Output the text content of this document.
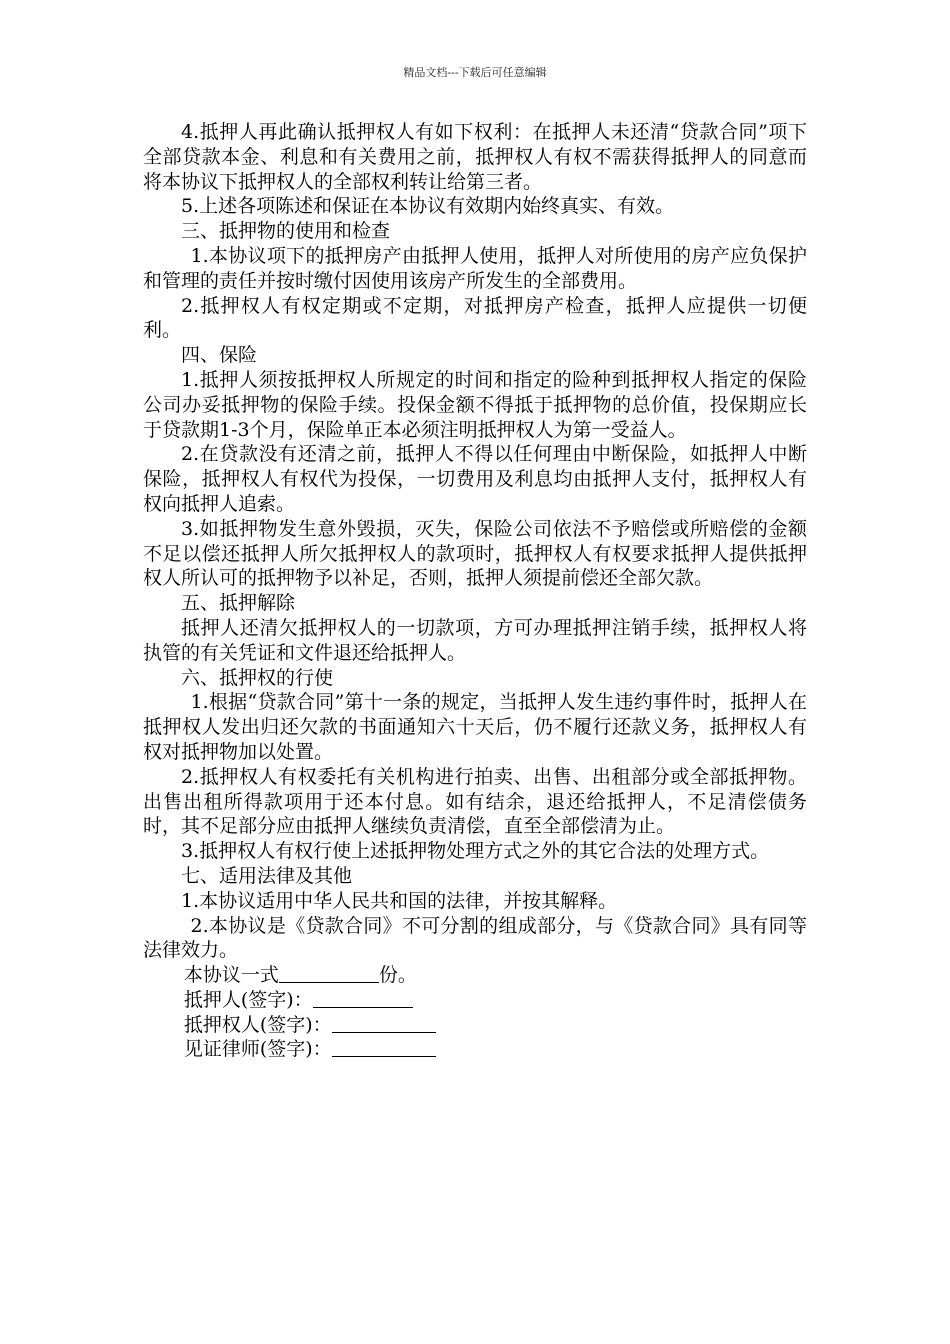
精品文档---下载后可任意编辑

4.抵押人再此确认抵押权人有如下权利：在抵押人未还清“贷款合同”项下全部贷款本金、利息和有关费用之前，抵押权人有权不需获得抵押人的同意而将本协议下抵押权人的全部权利转让给第三者。

5.上述各项陈述和保证在本协议有效期内始终真实、有效。

三、抵押物的使用和检查

1.本协议项下的抵押房产由抵押人使用，抵押人对所使用的房产应负保护和管理的责任并按时缴付因使用该房产所发生的全部费用。

2.抵押权人有权定期或不定期，对抵押房产检查，抵押人应提供一切便利。

四、保险

1.抵押人须按抵押权人所规定的时间和指定的险种到抵押权人指定的保险公司办妥抵押物的保险手续。投保金额不得抵于抵押物的总价值，投保期应长于贷款期1-3个月，保险单正本必须注明抵押权人为第一受益人。

2.在贷款没有还清之前，抵押人不得以任何理由中断保险，如抵押人中断保险，抵押权人有权代为投保，一切费用及利息均由抵押人支付，抵押权人有权向抵押人追索。

3.如抵押物发生意外毁损，灭失，保险公司依法不予赔偿或所赔偿的金额不足以偿还抵押人所欠抵押权人的款项时，抵押权人有权要求抵押人提供抵押权人所认可的抵押物予以补足，否则，抵押人须提前偿还全部欠款。

五、抵押解除

抵押人还清欠抵押权人的一切款项，方可办理抵押注销手续，抵押权人将执管的有关凭证和文件退还给抵押人。

六、抵押权的行使

1.根据“贷款合同”第十一条的规定，当抵押人发生违约事件时，抵押人在抵押权人发出归还欠款的书面通知六十天后，仍不履行还款义务，抵押权人有权对抵押物加以处置。

2.抵押权人有权委托有关机构进行拍卖、出售、出租部分或全部抵押物。出售出租所得款项用于还本付息。如有结余，退还给抵押人，不足清偿债务时，其不足部分应由抵押人继续负责清偿，直至全部偿清为止。

3.抵押权人有权行使上述抵押物处理方式之外的其它合法的处理方式。

七、适用法律及其他

1.本协议适用中华人民共和国的法律，并按其解释。

2.本协议是《贷款合同》不可分割的组成部分，与《贷款合同》具有同等法律效力。

本协议一式	份。

抵押人(签字)：

抵押权人(签字)：

见证律师(签字)：
